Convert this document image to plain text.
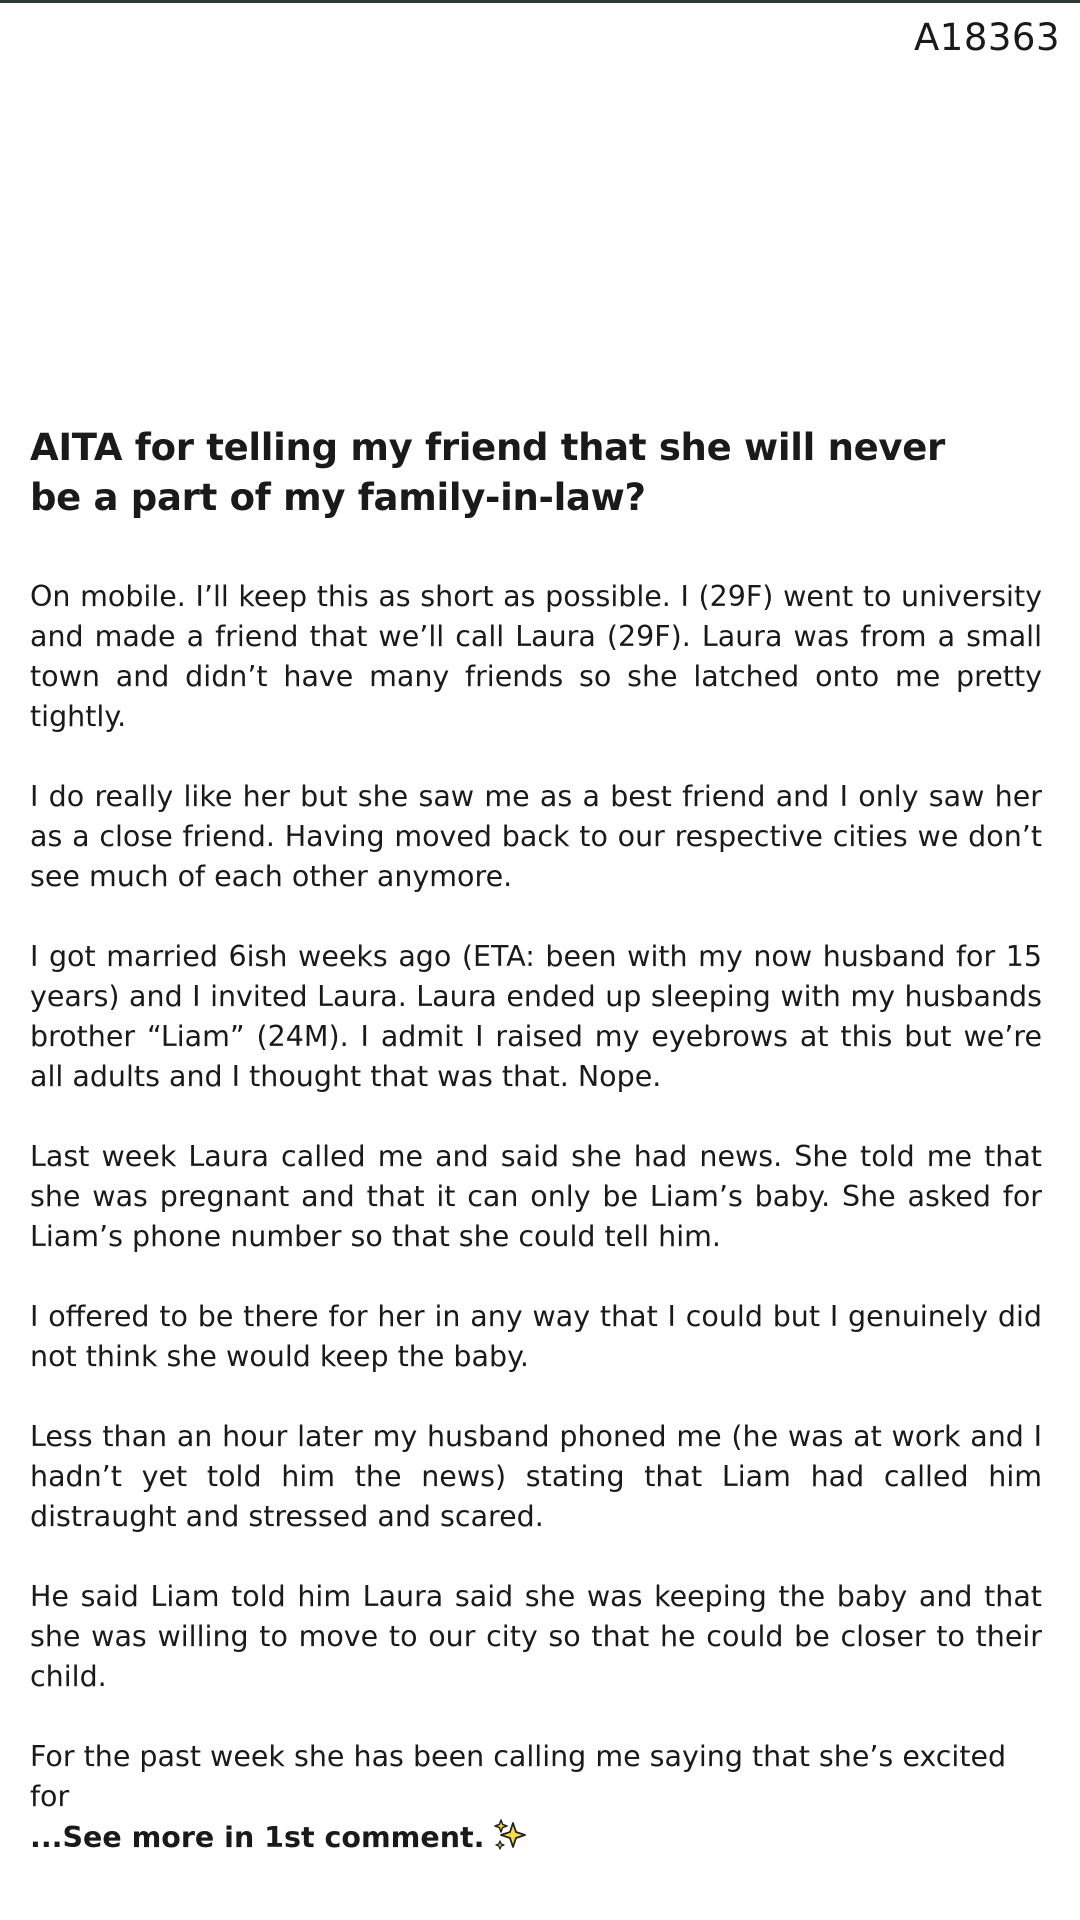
A18363
AITA for telling my friend that she will never
be a part of my family-in-law?

On mobile. I’ll keep this as short as possible. I (29F) went to university and made a friend that we’ll call Laura (29F). Laura was from a small town and didn’t have many friends so she latched onto me pretty tightly.

I do really like her but she saw me as a best friend and I only saw her as a close friend. Having moved back to our respective cities we don’t see much of each other anymore.

I got married 6ish weeks ago (ETA: been with my now husband for 15 years) and I invited Laura. Laura ended up sleeping with my husbands brother “Liam” (24M). I admit I raised my eyebrows at this but we’re all adults and I thought that was that. Nope.

Last week Laura called me and said she had news. She told me that she was pregnant and that it can only be Liam’s baby. She asked for Liam’s phone number so that she could tell him.

I offered to be there for her in any way that I could but I genuinely did not think she would keep the baby.

Less than an hour later my husband phoned me (he was at work and I hadn’t yet told him the news) stating that Liam had called him distraught and stressed and scared.

He said Liam told him Laura said she was keeping the baby and that she was willing to move to our city so that he could be closer to their child.

For the past week she has been calling me saying that she’s excited for
...See more in 1st comment.
